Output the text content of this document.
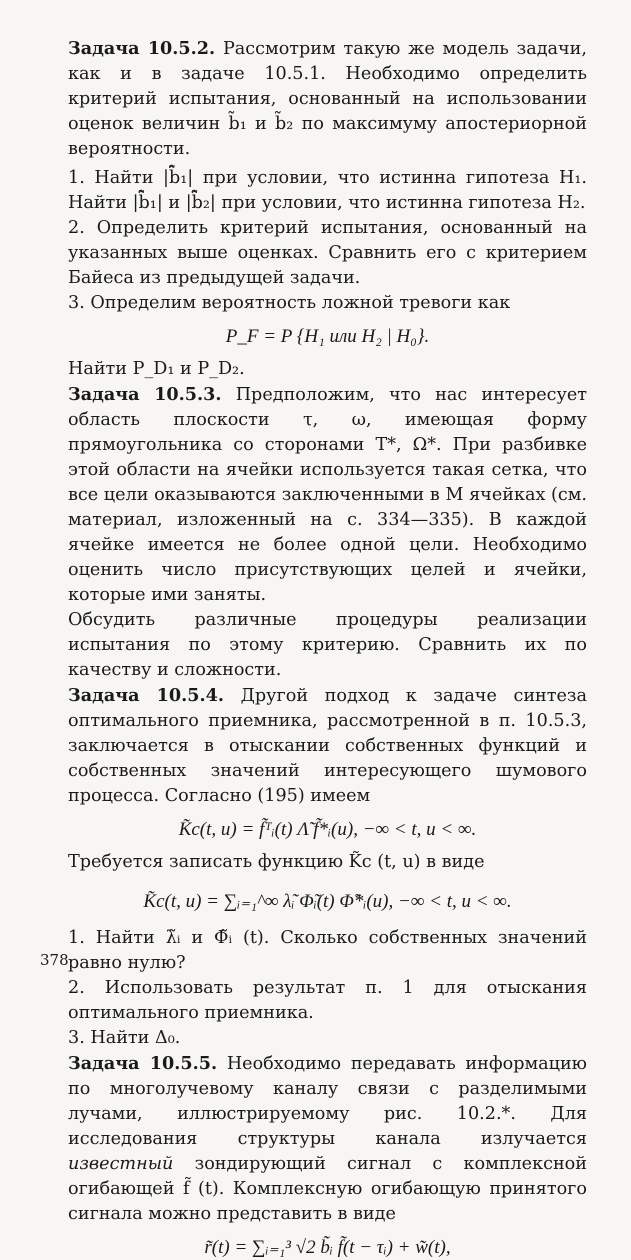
Задача 10.5.2. Рассмотрим такую же модель задачи, как и в задаче 10.5.1. Необходимо определить критерий испытания, основанный на использовании оценок величин b̃₁ и b̃₂ по максимуму апостериорной вероятности.

1. Найти |b̃̂₁| при условии, что истинна гипотеза H₁. Найти |b̃̂₁| и |b̃̂₂| при условии, что истинна гипотеза H₂.

2. Определить критерий испытания, основанный на указанных выше оценках. Сравнить его с критерием Байеса из предыдущей задачи.

3. Определим вероятность ложной тревоги как

P_F = P {H₁ или H₂ | H₀}.

Найти P_D₁ и P_D₂.

Задача 10.5.3. Предположим, что нас интересует область плоскости τ, ω, имеющая форму прямоугольника со сторонами T*, Ω*. При разбивке этой области на ячейки используется такая сетка, что все цели оказываются заключенными в M ячейках (см. материал, изложенный на с. 334—335). В каждой ячейке имеется не более одной цели. Необходимо оценить число присутствующих целей и ячейки, которые ими заняты.

Обсудить различные процедуры реализации испытания по этому критерию. Сравнить их по качеству и сложности.

Задача 10.5.4. Другой подход к задаче синтеза оптимального приемника, рассмотренной в п. 10.5.3, заключается в отыскании собственных функций и собственных значений интересующего шумового процесса. Согласно (195) имеем

K̃c(t, u) = f̃ᵀᵢ(t) Λ̃ f̃*ᵢ(u), −∞ < t, u < ∞.

Требуется записать функцию K̃c (t, u) в виде

K̃c(t, u) = ∑ᵢ₌₁^∞ λ̃ᵢ Φ̃ᵢ(t) Φ̃*ᵢ(u), −∞ < t, u < ∞.

1. Найти λ̃ᵢ и Φ̃ᵢ (t). Сколько собственных значений равно нулю?

2. Использовать результат п. 1 для отыскания оптимального приемника.

3. Найти Δ₀.

Задача 10.5.5. Необходимо передавать информацию по многолучевому каналу связи с разделимыми лучами, иллюстрируемому рис. 10.2.*. Для исследования структуры канала излучается известный зондирующий сигнал с комплексной огибающей f̃ (t). Комплексную огибающую принятого сигнала можно представить в виде

r̃(t) = ∑ᵢ₌₁³ √2 b̃ᵢ f̃(t − τᵢ) + w̃(t),
378
